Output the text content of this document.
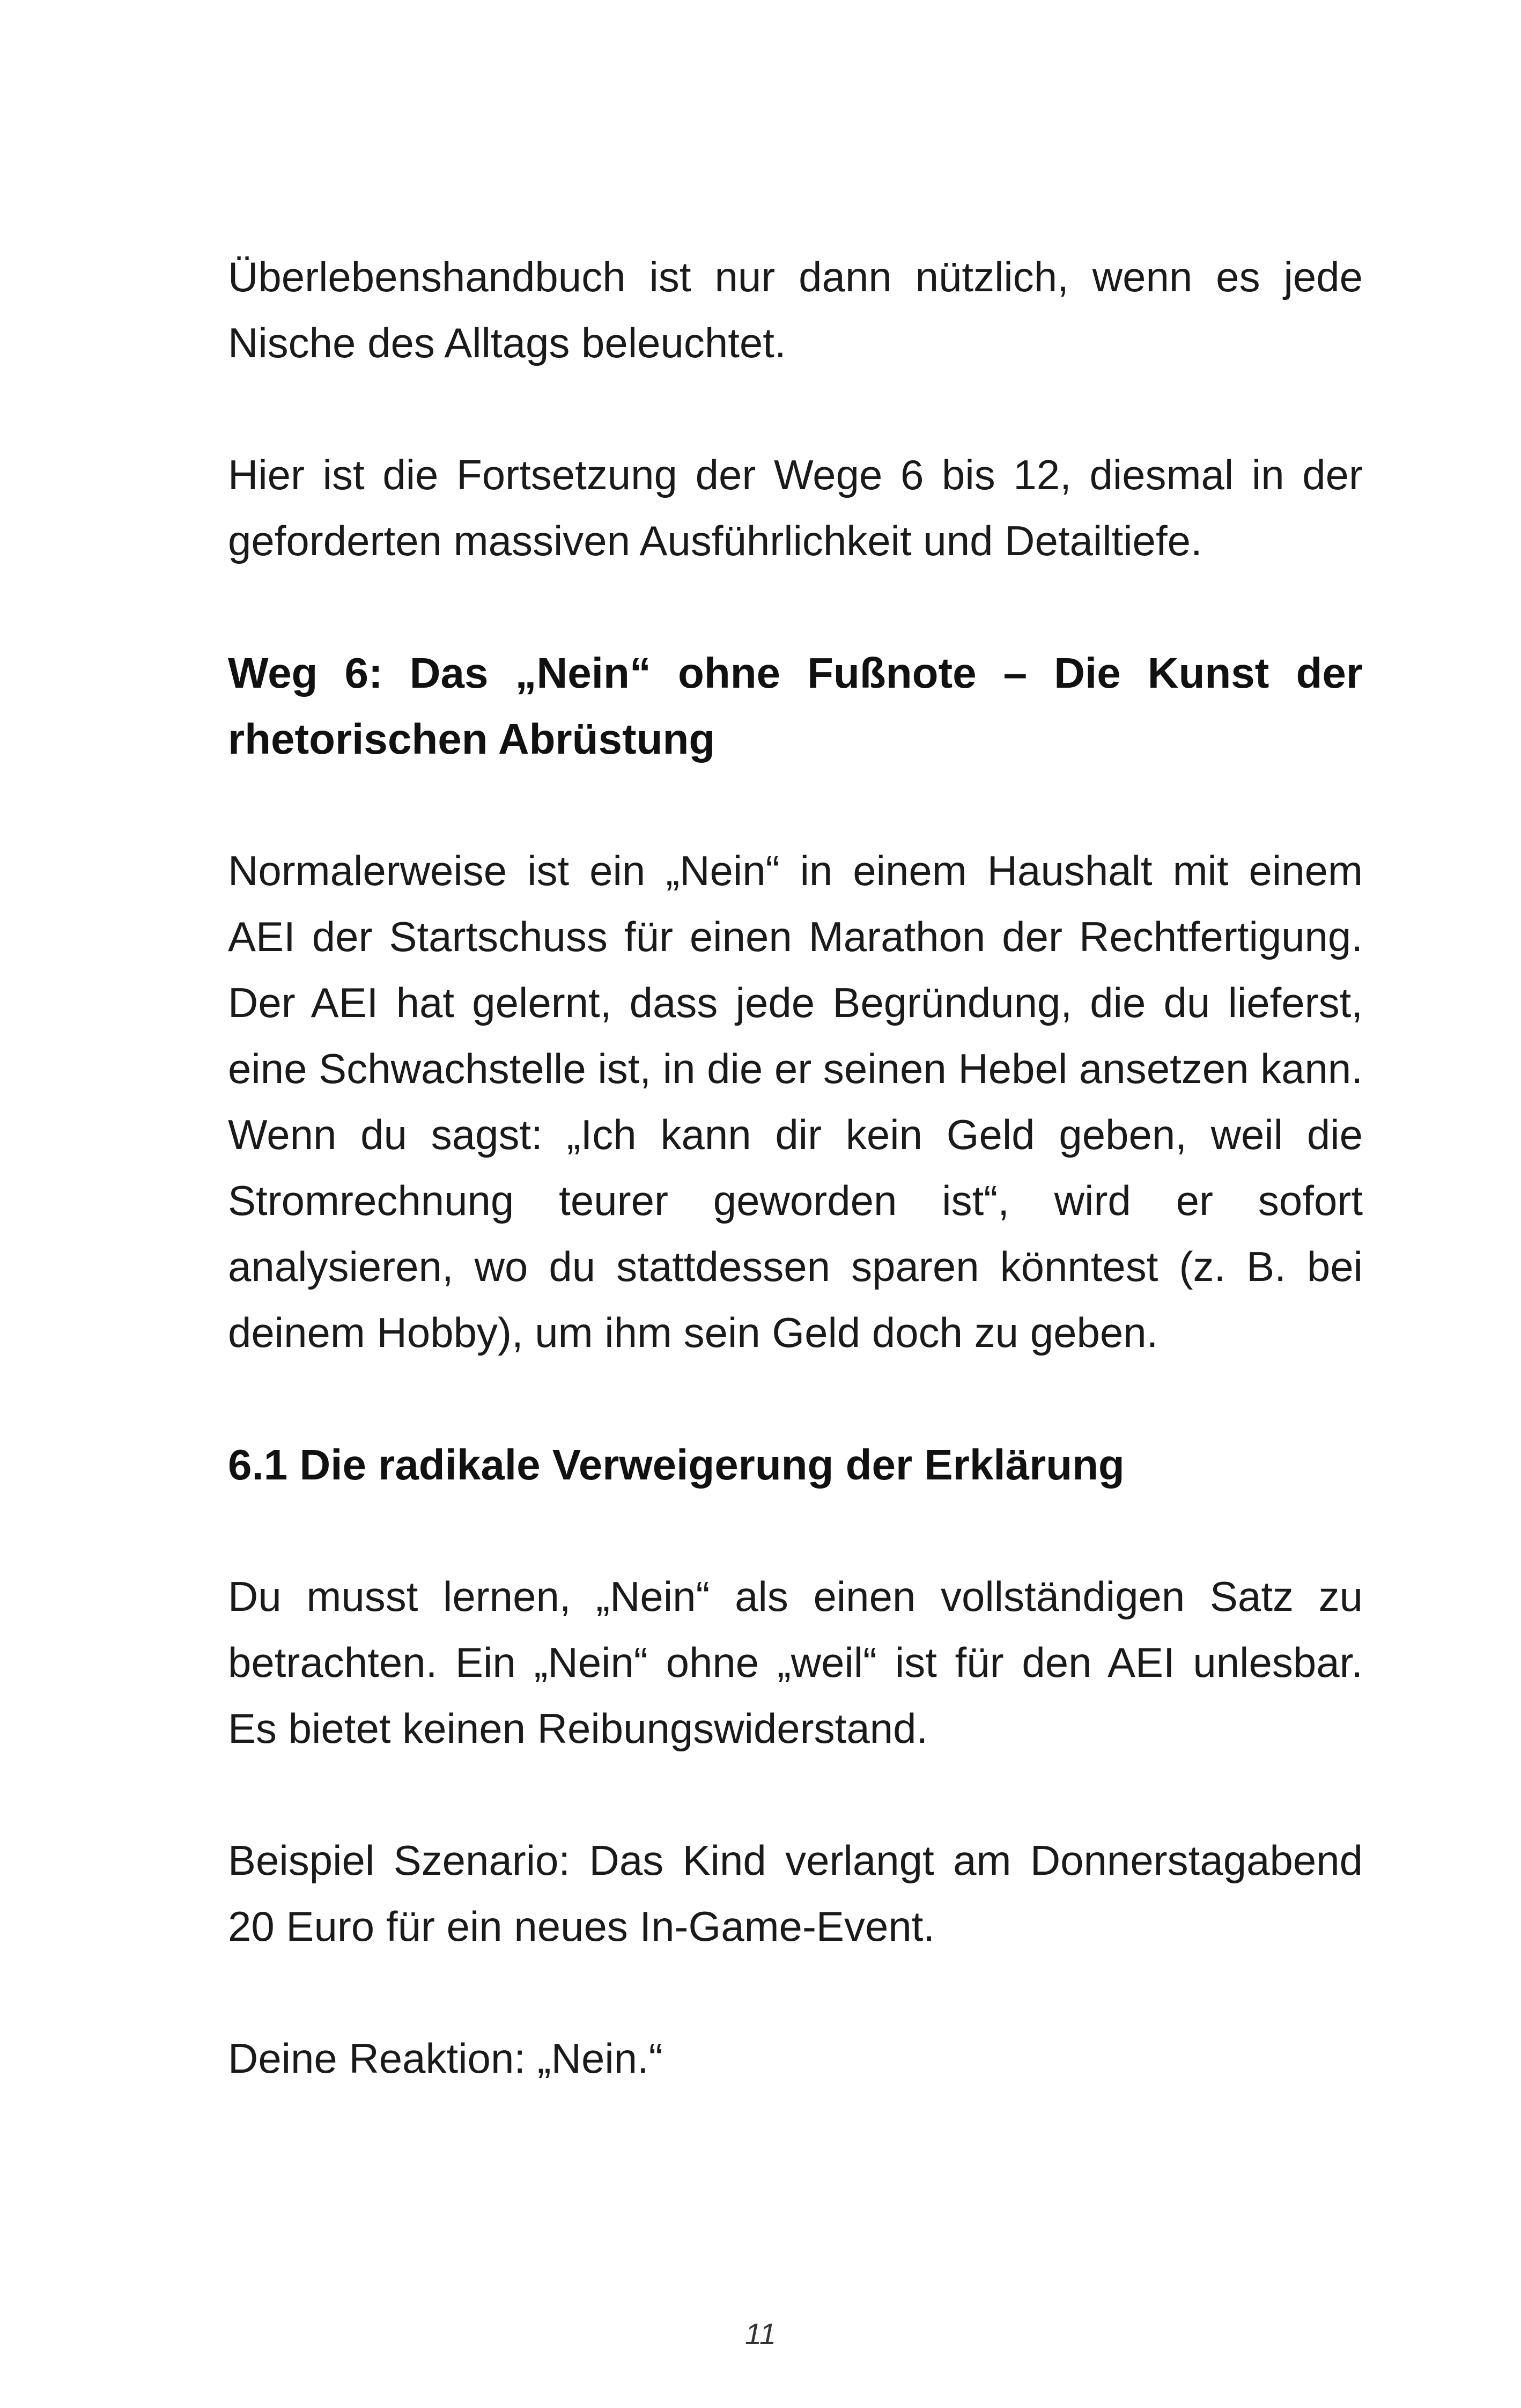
Überlebenshandbuch ist nur dann nützlich, wenn es jede Nische des Alltags beleuchtet.

Hier ist die Fortsetzung der Wege 6 bis 12, diesmal in der geforderten massiven Ausführlichkeit und Detailtiefe.

Weg 6: Das „Nein“ ohne Fußnote – Die Kunst der rhetorischen Abrüstung

Normalerweise ist ein „Nein“ in einem Haushalt mit einem AEI der Startschuss für einen Marathon der Rechtfertigung. Der AEI hat gelernt, dass jede Begründung, die du lieferst, eine Schwachstelle ist, in die er seinen Hebel ansetzen kann. Wenn du sagst: „Ich kann dir kein Geld geben, weil die Stromrechnung teurer geworden ist“, wird er sofort analysieren, wo du stattdessen sparen könntest (z. B. bei deinem Hobby), um ihm sein Geld doch zu geben.

6.1 Die radikale Verweigerung der Erklärung

Du musst lernen, „Nein“ als einen vollständigen Satz zu betrachten. Ein „Nein“ ohne „weil“ ist für den AEI unlesbar. Es bietet keinen Reibungswiderstand.

Beispiel Szenario: Das Kind verlangt am Donnerstagabend 20 Euro für ein neues In-Game-Event.

Deine Reaktion: „Nein.“

11
